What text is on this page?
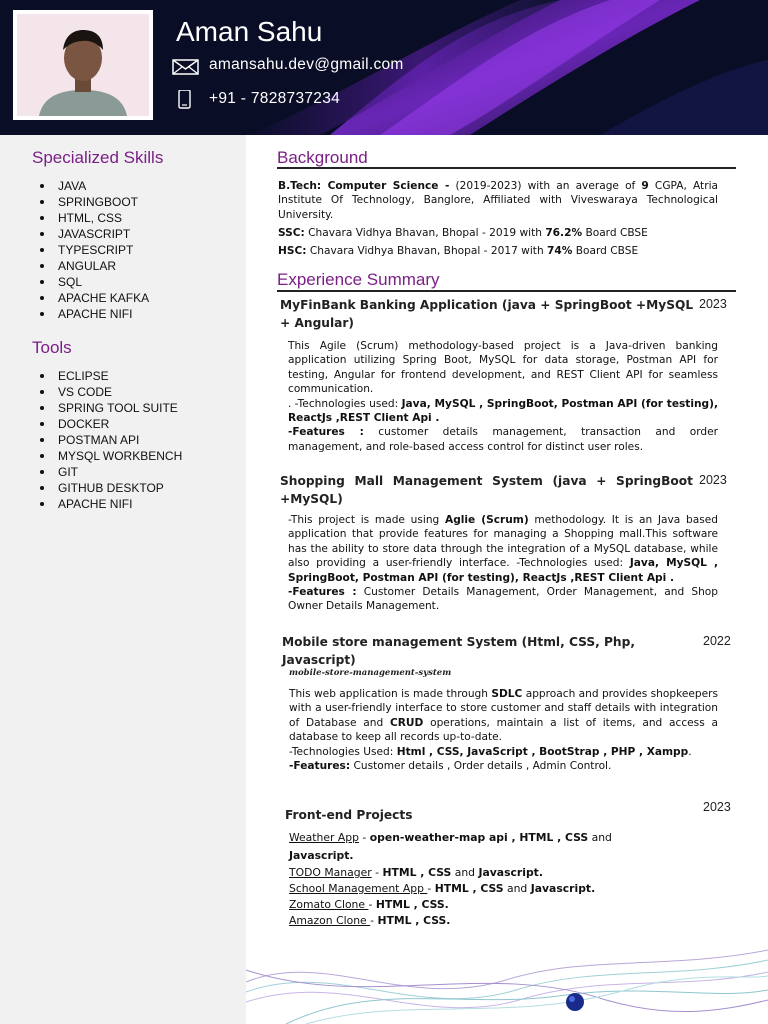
Aman Sahu
amansahu.dev@gmail.com
+91 - 7828737234
Specialized Skills
JAVA
SPRINGBOOT
HTML, CSS
JAVASCRIPT
TYPESCRIPT
ANGULAR
SQL
APACHE KAFKA
APACHE NIFI
Tools
ECLIPSE
VS CODE
SPRING TOOL SUITE
DOCKER
POSTMAN API
MYSQL WORKBENCH
GIT
GITHUB DESKTOP
APACHE NIFI
Background

B.Tech: Computer Science - (2019-2023) with an average of 9 CGPA, Atria Institute Of Technology, Banglore, Affiliated with Viveswaraya Technological University.

SSC: Chavara Vidhya Bhavan, Bhopal - 2019 with 76.2% Board CBSE

HSC: Chavara Vidhya Bhavan, Bhopal - 2017 with 74% Board CBSE

Experience Summary

MyFinBank Banking Application (java + SpringBoot +MySQL + Angular)

2023

This Agile (Scrum) methodology-based project is a Java-driven banking application utilizing Spring Boot, MySQL for data storage, Postman API for testing, Angular for frontend development, and REST Client API for seamless communication.
. -Technologies used: Java, MySQL , SpringBoot, Postman API (for testing), ReactJs ,REST Client Api .
-Features : customer details management, transaction and order management, and role-based access control for distinct user roles.

Shopping Mall Management System (java + SpringBoot +MySQL)

2023

-This project is made using Aglie (Scrum) methodology. It is an Java based application that provide features for managing a Shopping mall.This software has the ability to store data through the integration of a MySQL database, while also providing a user-friendly interface. -Technologies used: Java, MySQL , SpringBoot, Postman API (for testing), ReactJs ,REST Client Api .
-Features : Customer Details Management, Order Management, and Shop Owner Details Management.

Mobile store management System (Html, CSS, Php, Javascript)

2022
mobile-store-management-system

This web application is made through SDLC approach and provides shopkeepers with a user-friendly interface to store customer and staff details with integration of Database and CRUD operations, maintain a list of items, and access a database to keep all records up-to-date.
-Technologies Used: Html , CSS, JavaScript , BootStrap , PHP , Xampp.
-Features: Customer details , Order details , Admin Control.

2023

Front-end Projects

Weather App - open-weather-map api , HTML , CSS and
Javascript.
TODO Manager - HTML , CSS and Javascript.
School Management App - HTML , CSS and Javascript.
Zomato Clone - HTML , CSS.
Amazon Clone - HTML , CSS.
